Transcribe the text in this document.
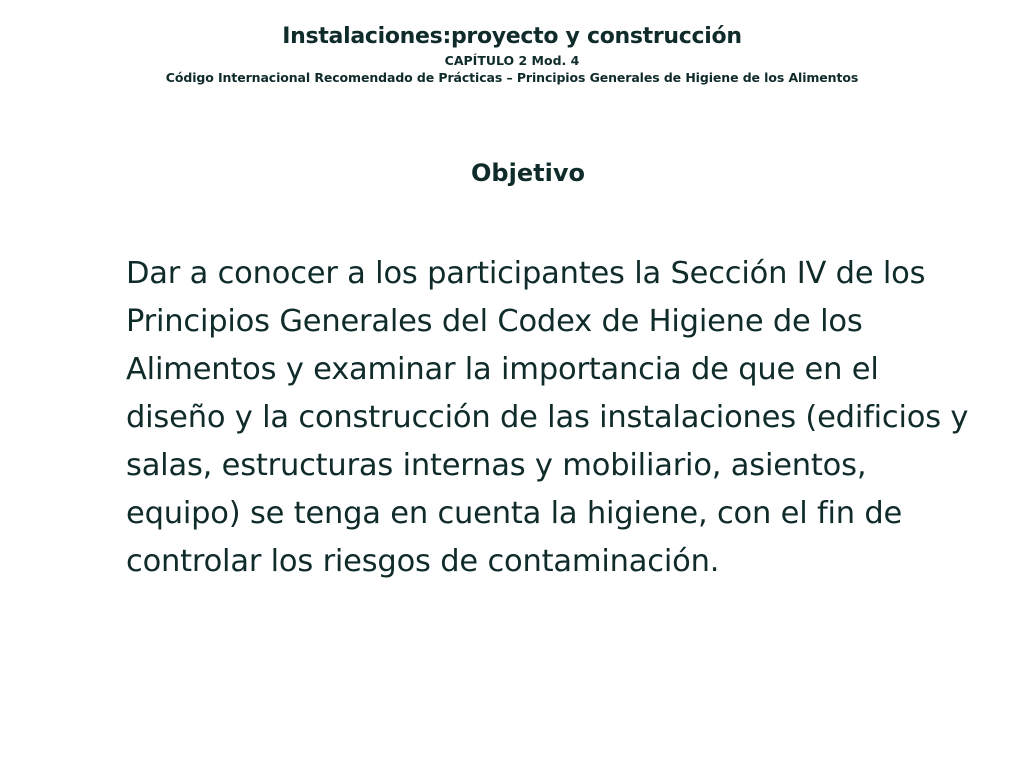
Instalaciones:proyecto y construcción

CAPÍTULO 2 Mod. 4

Código Internacional Recomendado de Prácticas – Principios Generales de Higiene de los Alimentos

Objetivo

Dar a conocer a los participantes la Sección IV de los Principios Generales del Codex de Higiene de los Alimentos y examinar la importancia de que en el diseño y la construcción de las instalaciones (edificios y salas, estructuras internas y mobiliario, asientos, equipo) se tenga en cuenta la higiene, con el fin de controlar los riesgos de contaminación.
